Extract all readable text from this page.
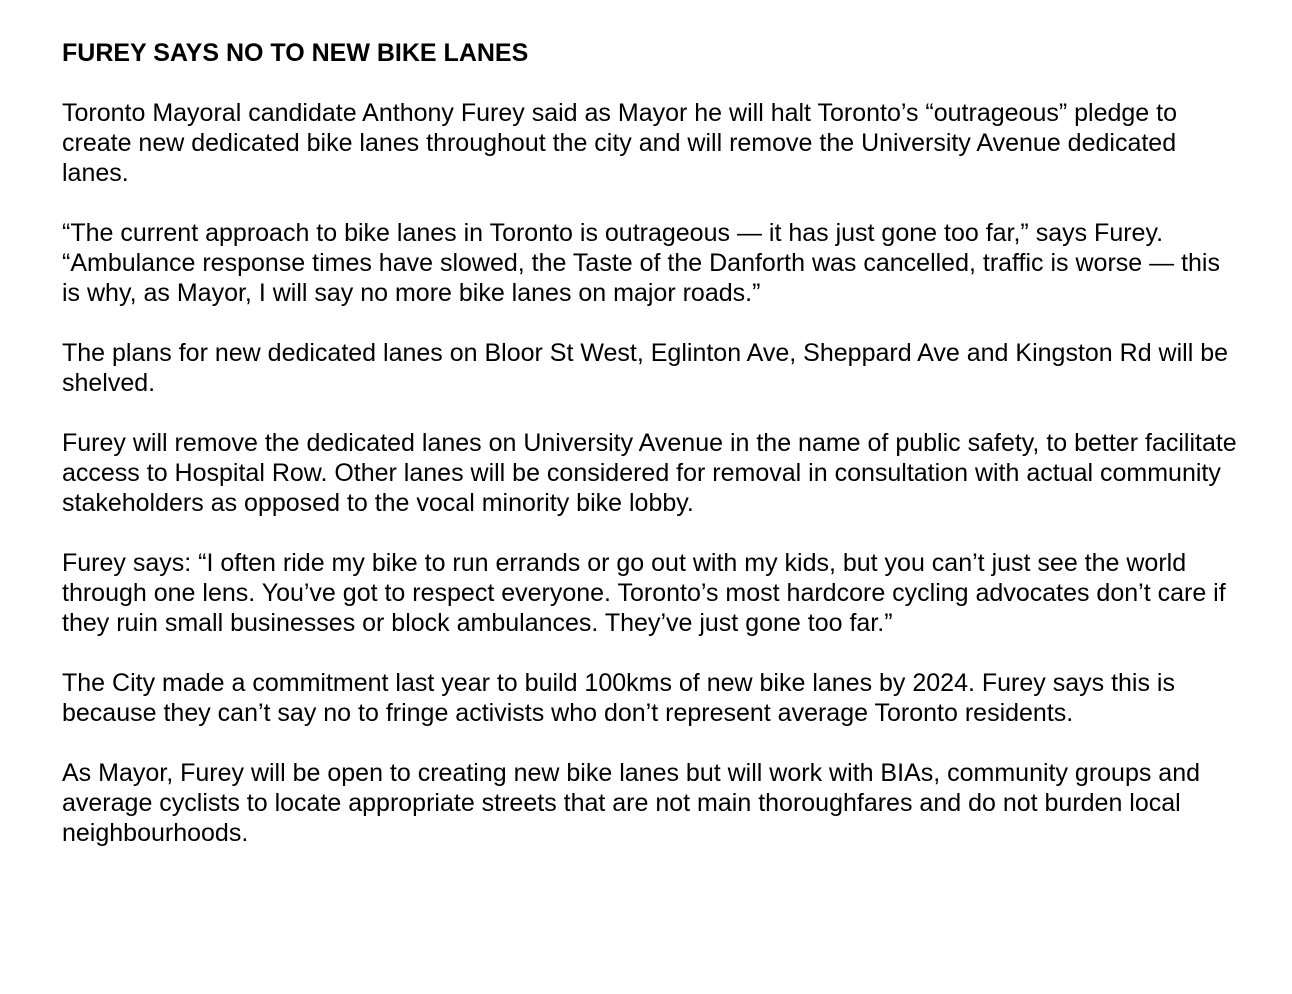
FUREY SAYS NO TO NEW BIKE LANES

Toronto Mayoral candidate Anthony Furey said as Mayor he will halt Toronto’s “outrageous” pledge to create new dedicated bike lanes throughout the city and will remove the University Avenue dedicated lanes.

“The current approach to bike lanes in Toronto is outrageous — it has just gone too far,” says Furey. “Ambulance response times have slowed, the Taste of the Danforth was cancelled, traffic is worse — this is why, as Mayor, I will say no more bike lanes on major roads.”

The plans for new dedicated lanes on Bloor St West, Eglinton Ave, Sheppard Ave and Kingston Rd will be shelved.

Furey will remove the dedicated lanes on University Avenue in the name of public safety, to better facilitate access to Hospital Row. Other lanes will be considered for removal in consultation with actual community stakeholders as opposed to the vocal minority bike lobby.

Furey says: “I often ride my bike to run errands or go out with my kids, but you can’t just see the world through one lens. You’ve got to respect everyone. Toronto’s most hardcore cycling advocates don’t care if they ruin small businesses or block ambulances. They’ve just gone too far.”

The City made a commitment last year to build 100kms of new bike lanes by 2024. Furey says this is because they can’t say no to fringe activists who don’t represent average Toronto residents.

As Mayor, Furey will be open to creating new bike lanes but will work with BIAs, community groups and average cyclists to locate appropriate streets that are not main thoroughfares and do not burden local neighbourhoods.
